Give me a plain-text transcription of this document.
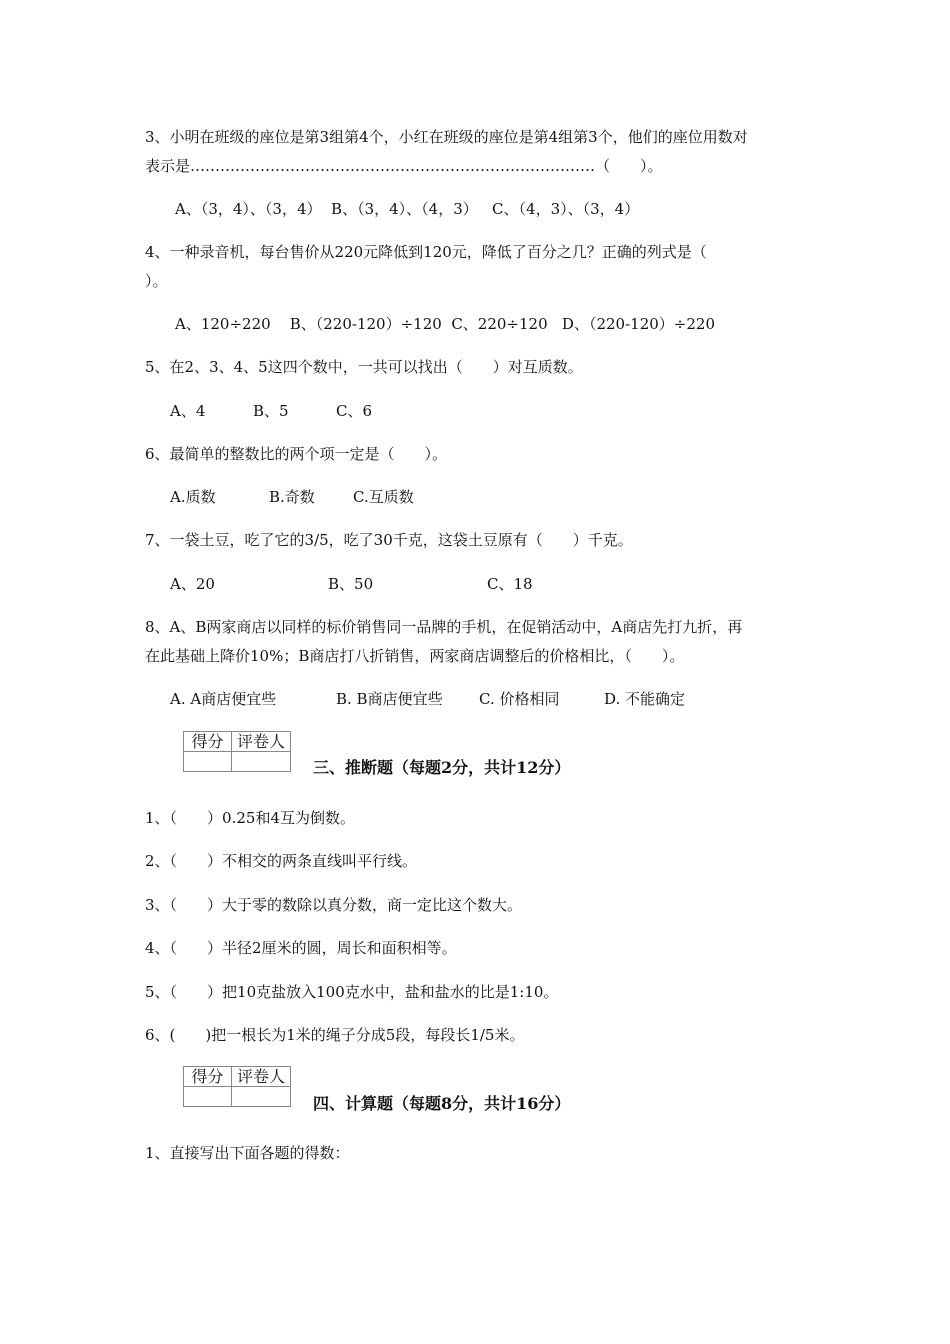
3、小明在班级的座位是第3组第4个，小红在班级的座位是第4组第3个，他们的座位用数对
表示是………………………………………………………………………（　　）。
A、（3，4）、（3，4）  B、（3，4）、（4，3）   C、（4，3）、（3，4）
4、一种录音机，每台售价从220元降低到120元，降低了百分之几？正确的列式是（
）。
A、120÷220    B、（220-120）÷120  C、220÷120   D、（220-120）÷220
5、在2、3、4、5这四个数中，一共可以找出（　　）对互质数。
A、4	B、5	C、6
6、最简单的整数比的两个项一定是（　　）。
A.质数	B.奇数	C.互质数
7、一袋土豆，吃了它的3/5，吃了30千克，这袋土豆原有（　　）千克。
A、20	B、50	C、18
8、A、B两家商店以同样的标价销售同一品牌的手机，在促销活动中，A商店先打九折，再
在此基础上降价10%；B商店打八折销售，两家商店调整后的价格相比，（　　）。
A. A商店便宜些	B. B商店便宜些 C. 价格相同	D. 不能确定
得分	评卷人

三、推断题（每题2分，共计12分）
1、（　　）0.25和4互为倒数。
2、（　　）不相交的两条直线叫平行线。
3、（　　）大于零的数除以真分数，商一定比这个数大。
4、（　　）半径2厘米的圆，周长和面积相等。
5、（　　）把10克盐放入100克水中，盐和盐水的比是1:10。
6、(　　)把一根长为1米的绳子分成5段，每段长1/5米。
得分	评卷人

四、计算题（每题8分，共计16分）
1、直接写出下面各题的得数：
